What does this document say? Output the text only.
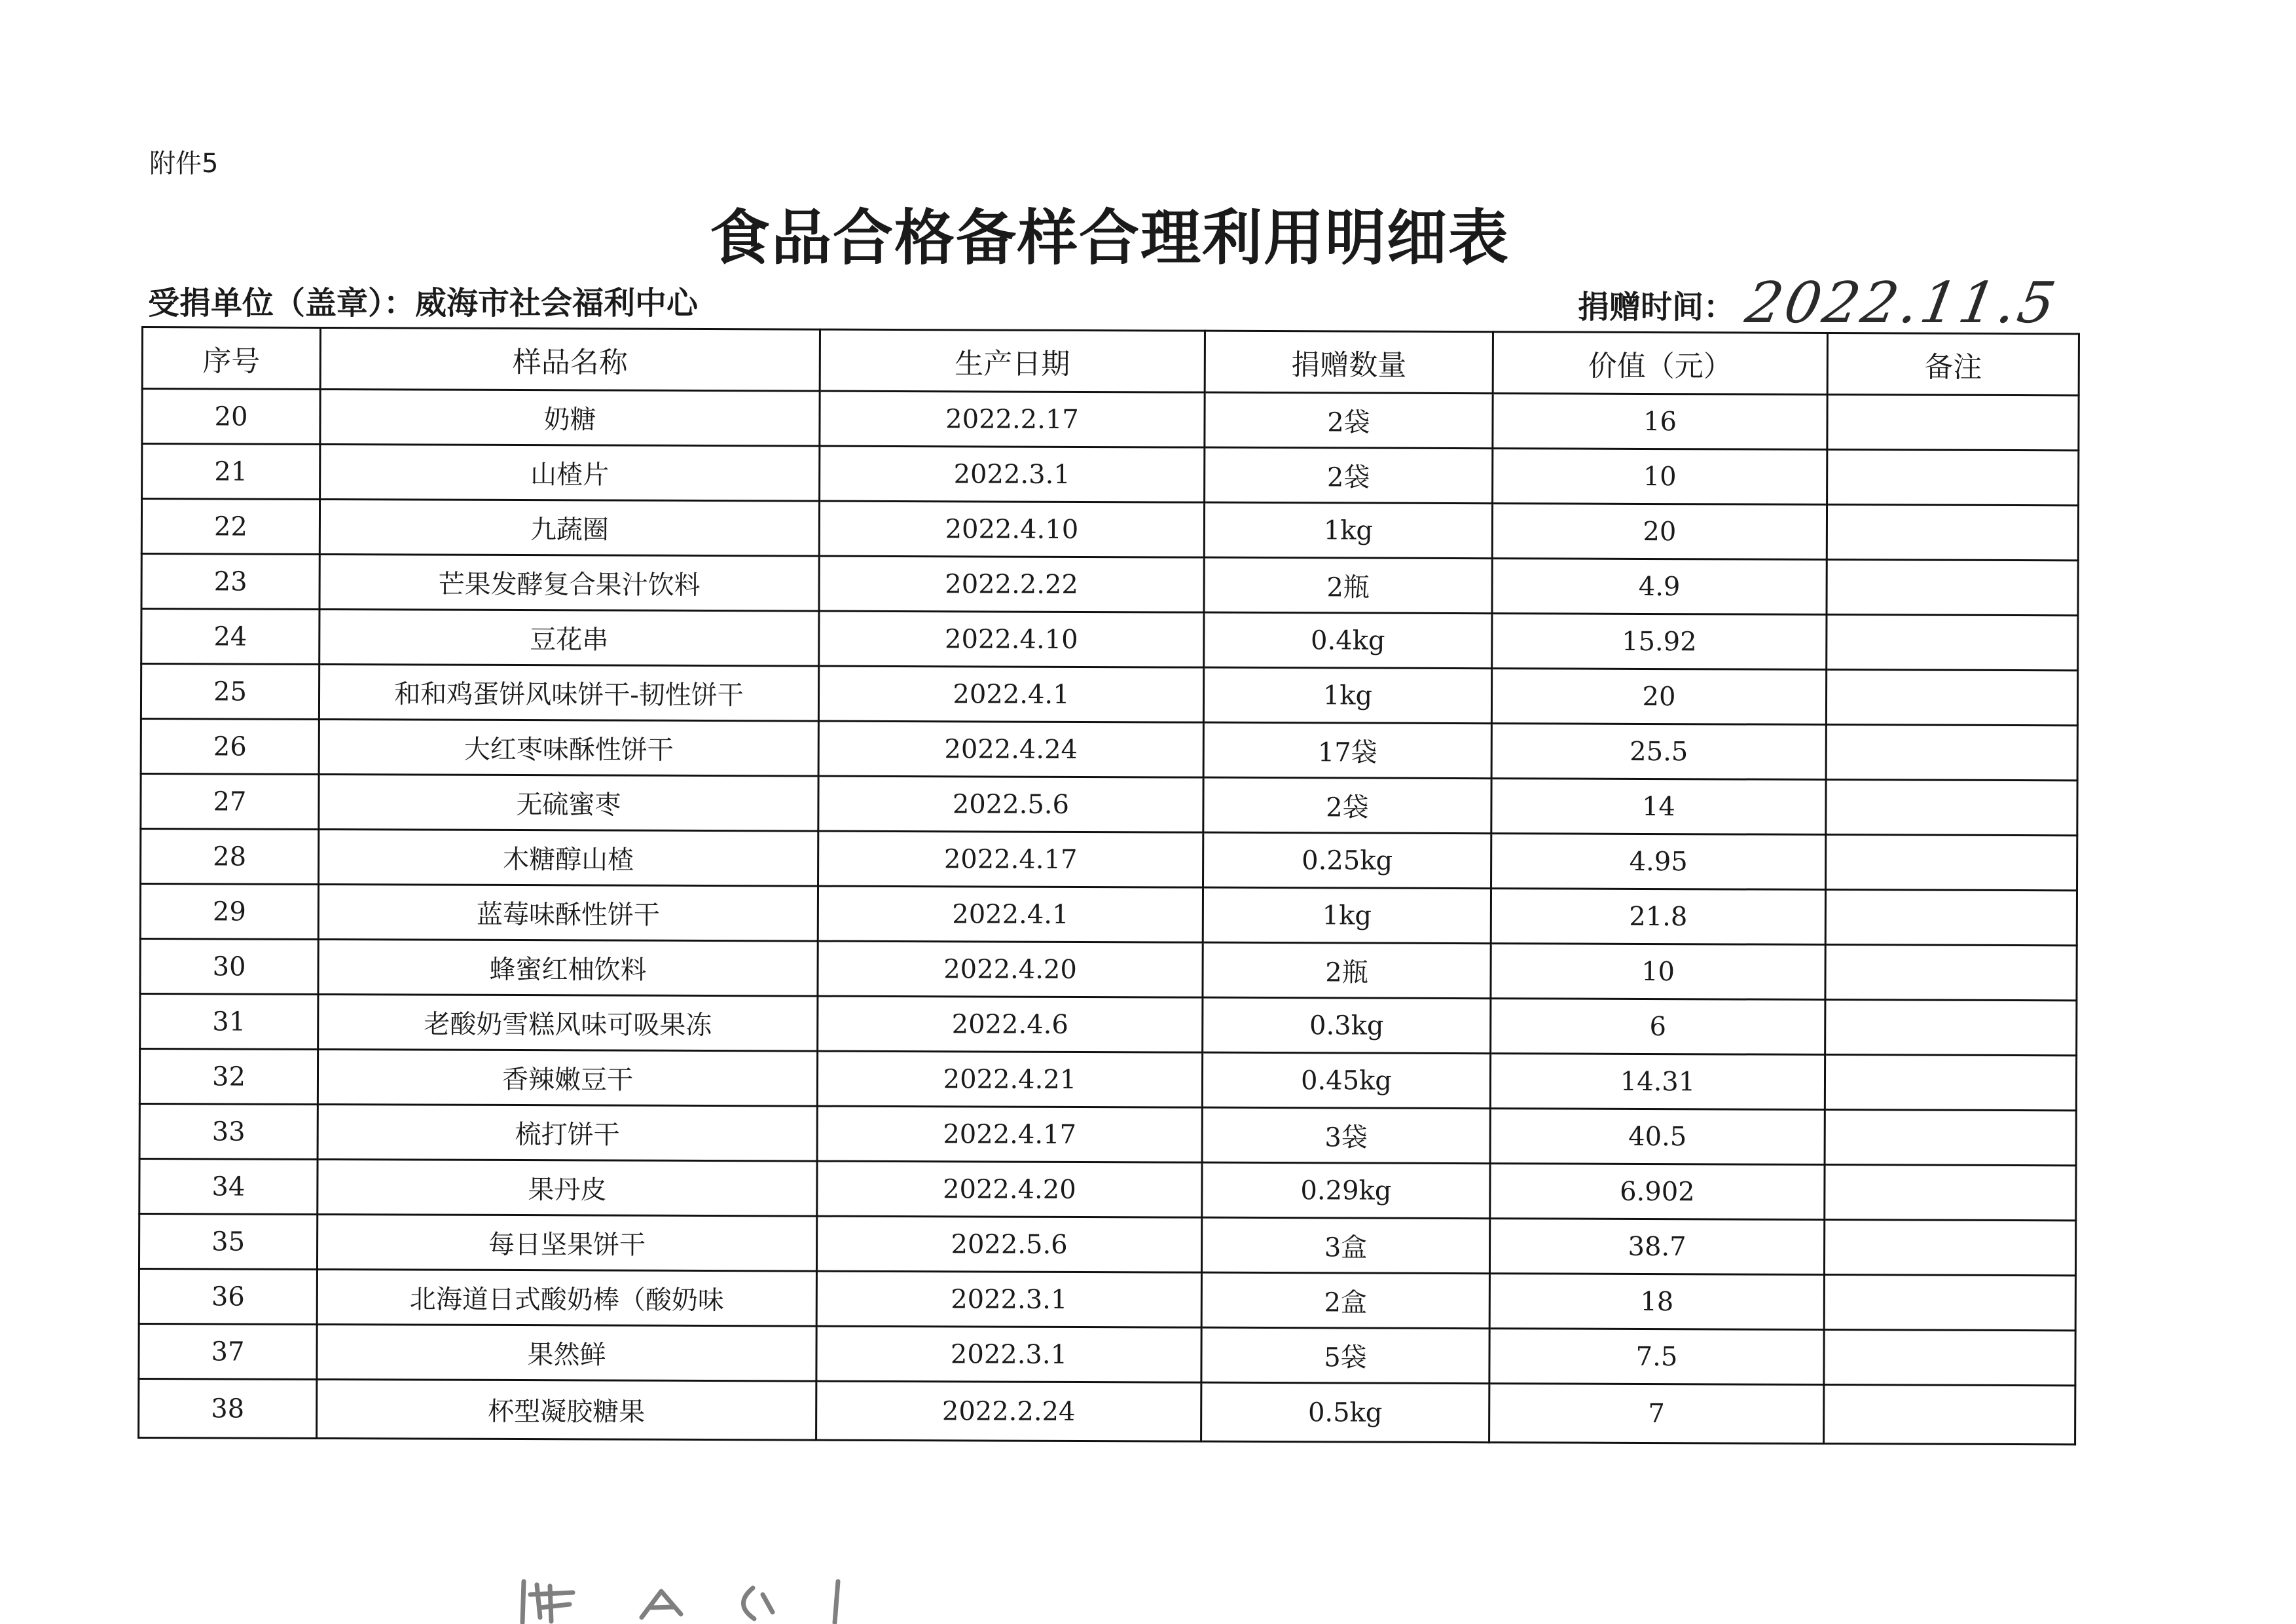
附件5
食品合格备样合理利用明细表
受捐单位（盖章）：威海市社会福利中心	捐赠时间： 2022.11.5
序号	样品名称	生产日期	捐赠数量	价值（元）	备注
20	奶糖	2022.2.17	2袋	16	
21	山楂片	2022.3.1	2袋	10	
22	九蔬圈	2022.4.10	1kg	20	
23	芒果发酵复合果汁饮料	2022.2.22	2瓶	4.9	
24	豆花串	2022.4.10	0.4kg	15.92	
25	和和鸡蛋饼风味饼干-韧性饼干	2022.4.1	1kg	20	
26	大红枣味酥性饼干	2022.4.24	17袋	25.5	
27	无硫蜜枣	2022.5.6	2袋	14	
28	木糖醇山楂	2022.4.17	0.25kg	4.95	
29	蓝莓味酥性饼干	2022.4.1	1kg	21.8	
30	蜂蜜红柚饮料	2022.4.20	2瓶	10	
31	老酸奶雪糕风味可吸果冻	2022.4.6	0.3kg	6	
32	香辣嫩豆干	2022.4.21	0.45kg	14.31	
33	梳打饼干	2022.4.17	3袋	40.5	
34	果丹皮	2022.4.20	0.29kg	6.902	
35	每日坚果饼干	2022.5.6	3盒	38.7	
36	北海道日式酸奶棒（酸奶味	2022.3.1	2盒	18	
37	果然鲜	2022.3.1	5袋	7.5	
38	杯型凝胶糖果	2022.2.24	0.5kg	7	
